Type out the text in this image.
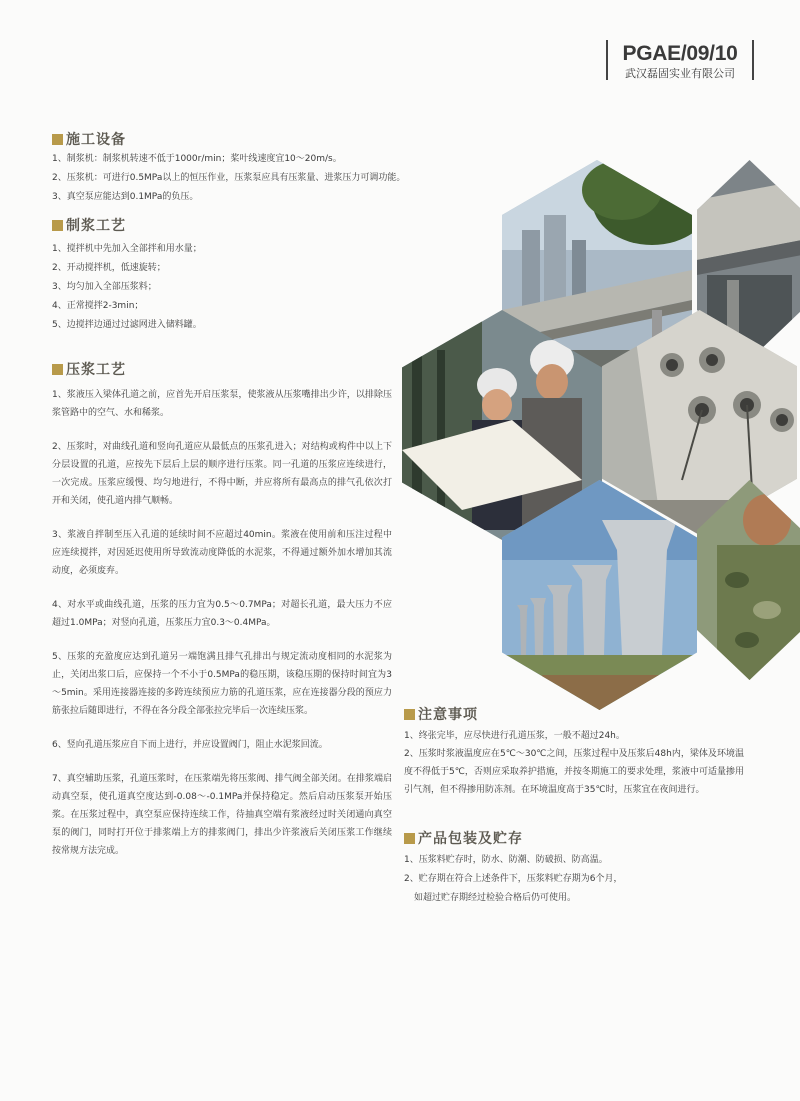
PGAE/09/10
武汉磊固实业有限公司
施工设备
1、制浆机：制浆机转速不低于1000r/min；桨叶线速度宜10～20m/s。
2、压浆机：可进行0.5MPa以上的恒压作业，压浆泵应具有压浆量、进浆压力可调功能。
3、真空泵应能达到0.1MPa的负压。
制浆工艺
1、搅拌机中先加入全部拌和用水量；
2、开动搅拌机，低速旋转；
3、均匀加入全部压浆料；
4、正常搅拌2-3min；
5、边搅拌边通过过滤网进入储料罐。
压浆工艺

1、浆液压入梁体孔道之前，应首先开启压浆泵，使浆液从压浆嘴排出少许，以排除压浆管路中的空气、水和稀浆。

2、压浆时，对曲线孔道和竖向孔道应从最低点的压浆孔进入；对结构或构件中以上下分层设置的孔道，应按先下层后上层的顺序进行压浆。同一孔道的压浆应连续进行，一次完成。压浆应缓慢、均匀地进行，不得中断，并应将所有最高点的排气孔依次打开和关闭，使孔道内排气顺畅。

3、浆液自拌制至压入孔道的延续时间不应超过40min。浆液在使用前和压注过程中应连续搅拌，对因延迟使用所导致流动度降低的水泥浆，不得通过额外加水增加其流动度，必须废弃。

4、对水平或曲线孔道，压浆的压力宜为0.5～0.7MPa；对超长孔道，最大压力不应超过1.0MPa；对竖向孔道，压浆压力宜0.3～0.4MPa。

5、压浆的充盈度应达到孔道另一端饱满且排气孔排出与规定流动度相同的水泥浆为止，关闭出浆口后，应保持一个不小于0.5MPa的稳压期，该稳压期的保持时间宜为3～5min。采用连接器连接的多跨连续预应力筋的孔道压浆，应在连接器分段的预应力筋张拉后随即进行，不得在各分段全部张拉完毕后一次连续压浆。

6、竖向孔道压浆应自下而上进行，并应设置阀门，阻止水泥浆回流。

7、真空辅助压浆，孔道压浆时，在压浆端先将压浆阀、排气阀全部关闭。在排浆端启动真空泵，使孔道真空度达到-0.08～-0.1MPa并保持稳定。然后启动压浆泵开始压浆。在压浆过程中，真空泵应保持连续工作，待抽真空端有浆液经过时关闭通向真空泵的阀门，同时打开位于排浆端上方的排浆阀门，排出少许浆液后关闭压浆工作继续按常规方法完成。

注意事项

1、终张完毕，应尽快进行孔道压浆，一般不超过24h。

2、压浆时浆液温度应在5℃～30℃之间，压浆过程中及压浆后48h内，梁体及环境温度不得低于5℃，否则应采取养护措施，并按冬期施工的要求处理，浆液中可适量掺用引气剂，但不得掺用防冻剂。在环境温度高于35℃时，压浆宜在夜间进行。

产品包装及贮存
1、压浆料贮存时，防水、防潮、防破损、防高温。
2、贮存期在符合上述条件下，压浆料贮存期为6个月，
如超过贮存期经过检验合格后仍可使用。
